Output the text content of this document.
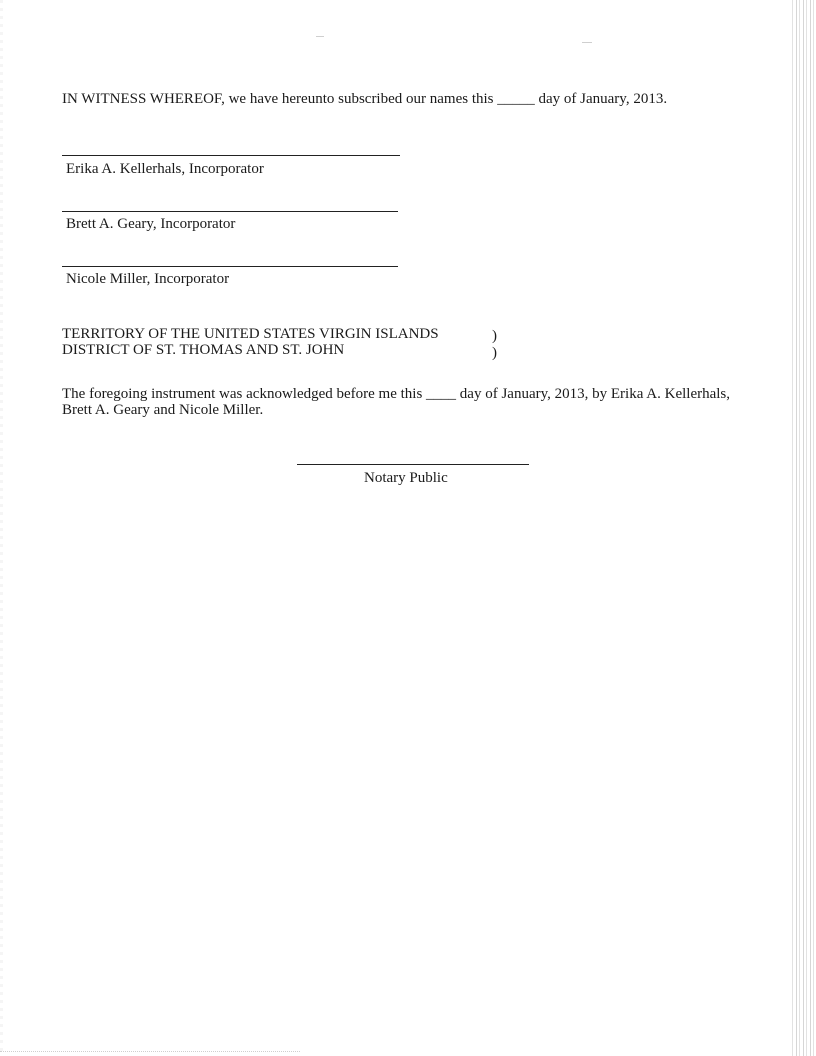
IN WITNESS WHEREOF, we have hereunto subscribed our names this _____ day of January, 2013.
Erika A. Kellerhals, Incorporator
Brett A. Geary, Incorporator
Nicole Miller, Incorporator
TERRITORY OF THE UNITED STATES VIRGIN ISLANDS	)
DISTRICT OF ST. THOMAS AND ST. JOHN	)
The foregoing instrument was acknowledged before me this ____ day of January, 2013, by Erika A. Kellerhals,
Brett A. Geary and Nicole Miller.
Notary Public
